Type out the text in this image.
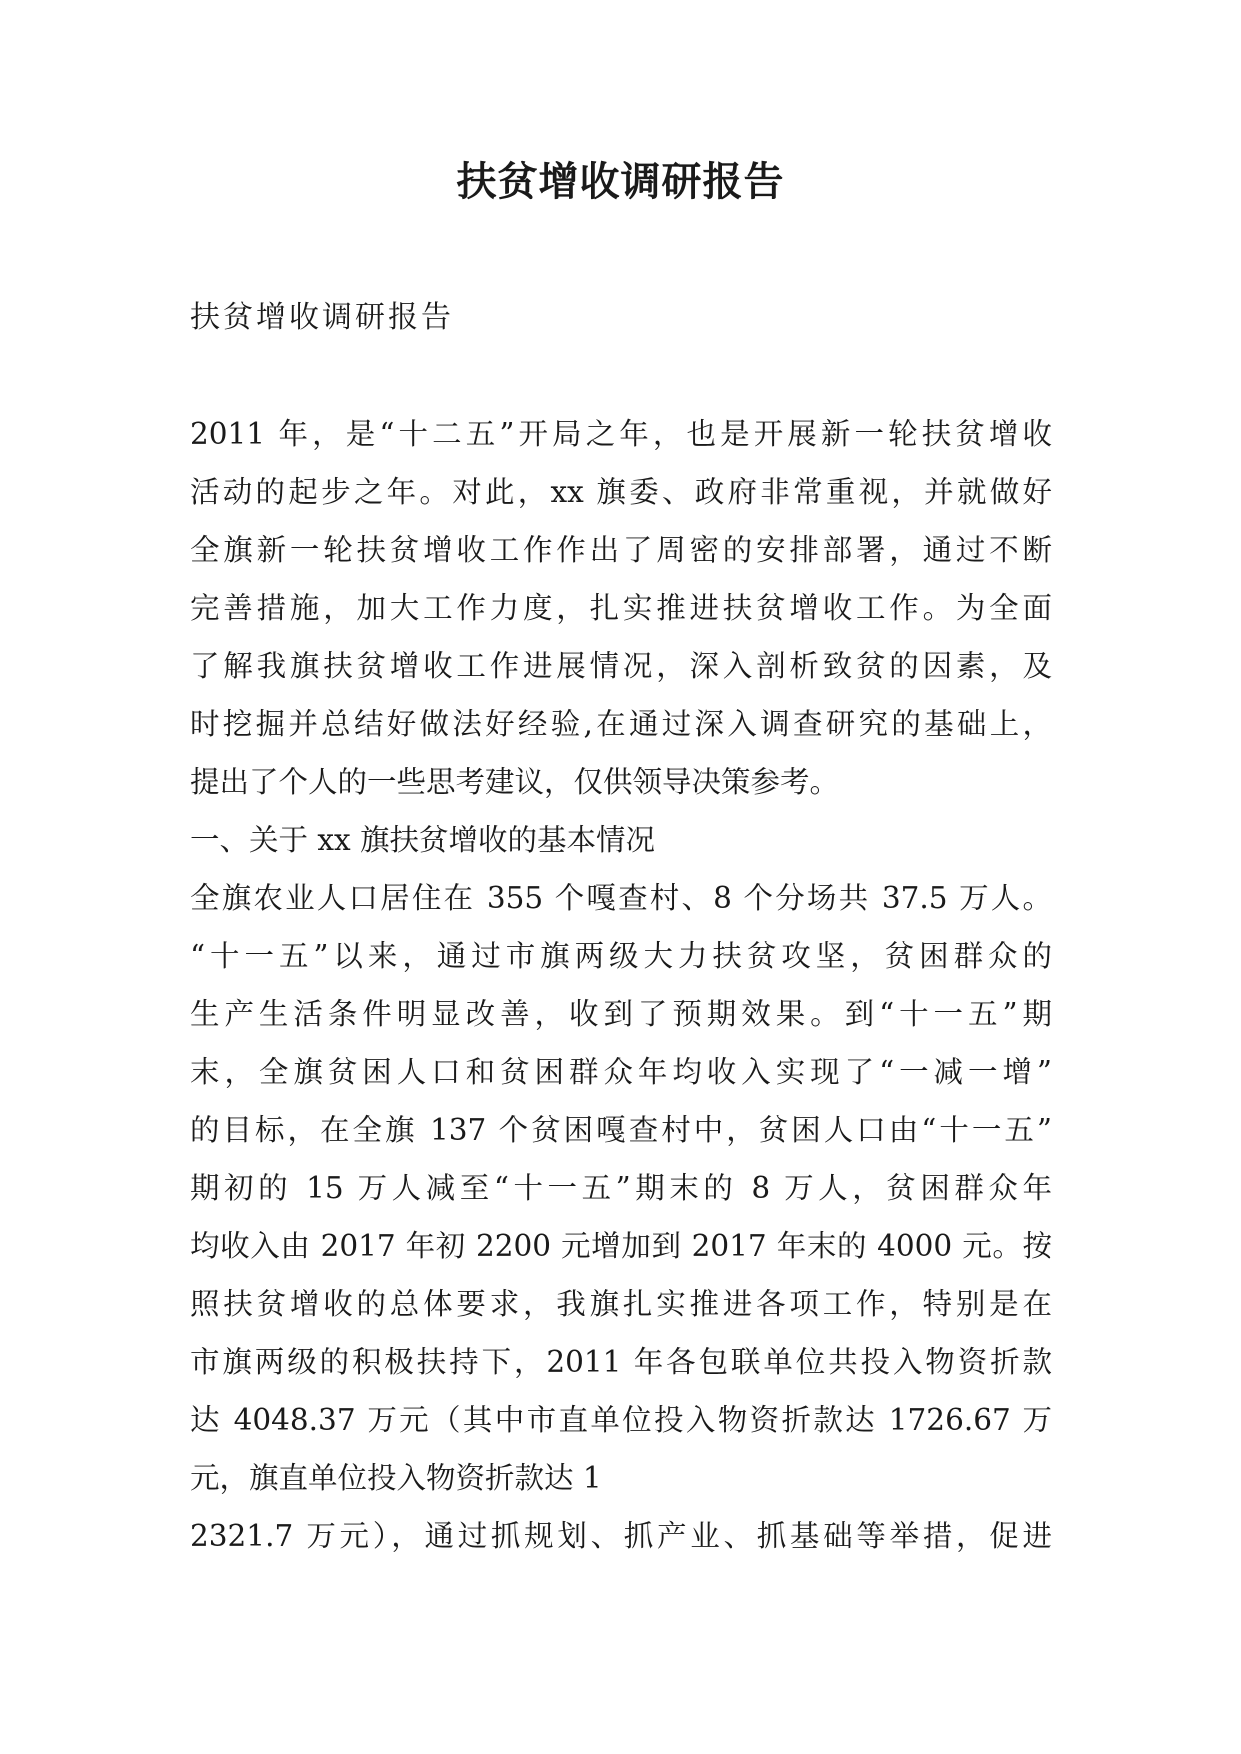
扶贫增收调研报告

扶贫增收调研报告

2011 年，是“十二五”开局之年，也是开展新一轮扶贫增收
活动的起步之年。对此，xx 旗委、政府非常重视，并就做好
全旗新一轮扶贫增收工作作出了周密的安排部署，通过不断
完善措施，加大工作力度，扎实推进扶贫增收工作。为全面
了解我旗扶贫增收工作进展情况，深入剖析致贫的因素，及
时挖掘并总结好做法好经验,在通过深入调查研究的基础上，
提出了个人的一些思考建议，仅供领导决策参考。
一、关于 xx 旗扶贫增收的基本情况
全旗农业人口居住在 355 个嘎查村、8 个分场共 37.5 万人。
“十一五”以来，通过市旗两级大力扶贫攻坚，贫困群众的
生产生活条件明显改善，收到了预期效果。到“十一五”期
末，全旗贫困人口和贫困群众年均收入实现了“一减一增”
的目标，在全旗 137 个贫困嘎查村中，贫困人口由“十一五”
期初的 15 万人减至“十一五”期末的 8 万人，贫困群众年
均收入由 2017 年初 2200 元增加到 2017 年末的 4000 元。按
照扶贫增收的总体要求，我旗扎实推进各项工作，特别是在
市旗两级的积极扶持下，2011 年各包联单位共投入物资折款
达 4048.37 万元（其中市直单位投入物资折款达 1726.67 万
元，旗直单位投入物资折款达 1
2321.7 万元），通过抓规划、抓产业、抓基础等举措，促进
